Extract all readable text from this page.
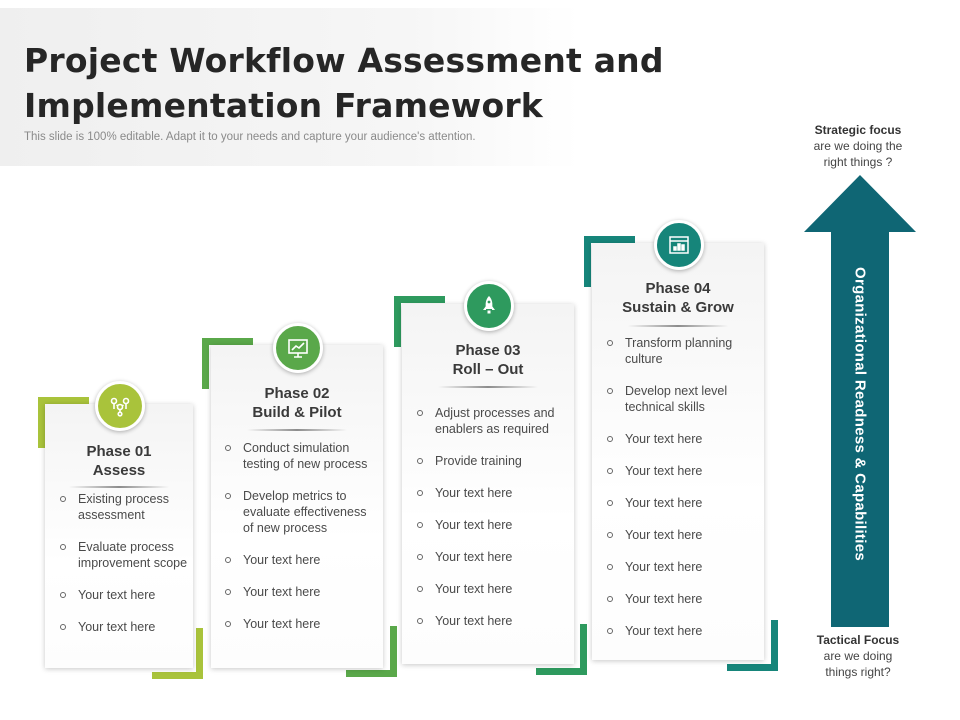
Project Workflow Assessment and
Implementation Framework
This slide is 100% editable. Adapt it to your needs and capture your audience's attention.
Phase 01
Assess
Existing process assessment
Evaluate process improvement scope
Your text here
Your text here
Phase 02
Build & Pilot
Conduct simulation testing of new process
Develop metrics to evaluate effectiveness of new process
Your text here
Your text here
Your text here
Phase 03
Roll – Out
Adjust processes and enablers as required
Provide training
Your text here
Your text here
Your text here
Your text here
Your text here
Phase 04
Sustain & Grow
Transform planning culture
Develop next level technical skills
Your text here
Your text here
Your text here
Your text here
Your text here
Your text here
Your text here
Organizational Readness & Capabilities
Strategic focus
are we doing the
right things ?
Tactical Focus
are we doing
things right?
